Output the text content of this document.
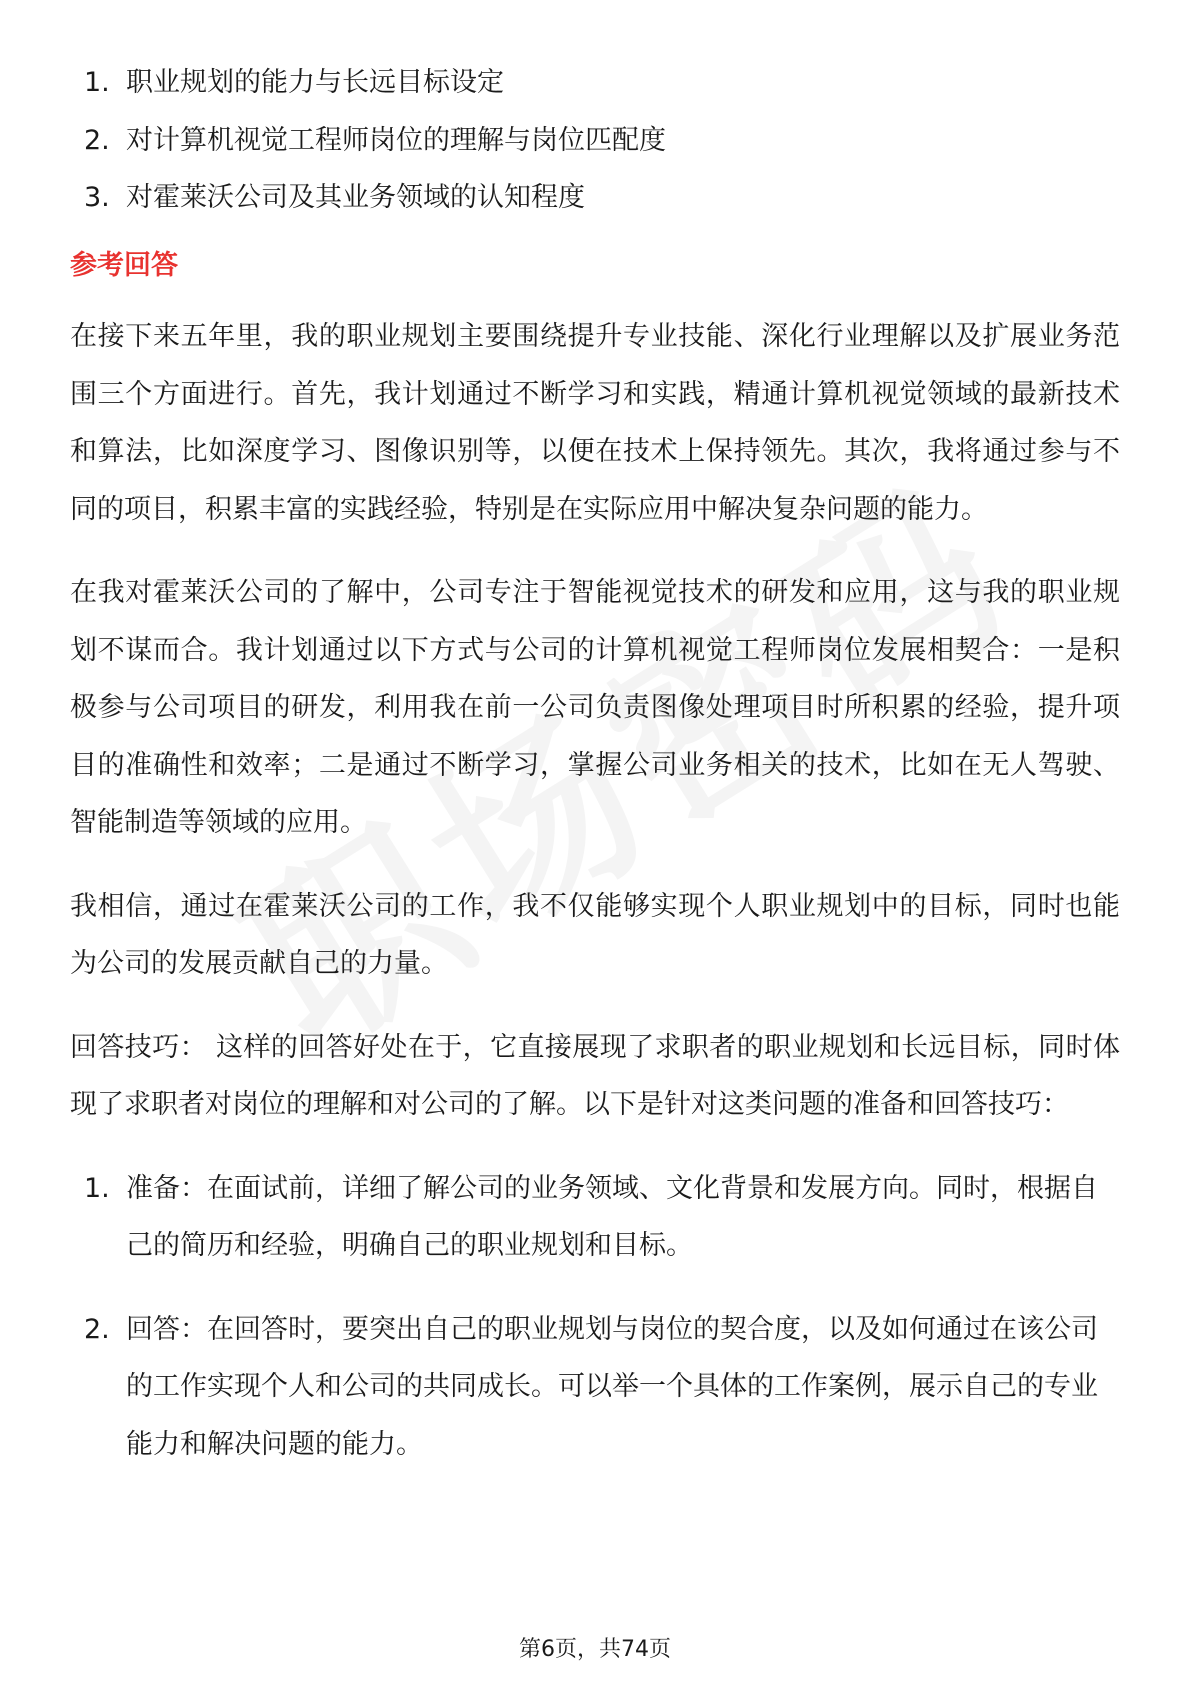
1. 职业规划的能力与长远目标设定
2. 对计算机视觉工程师岗位的理解与岗位匹配度
3. 对霍莱沃公司及其业务领域的认知程度
参考回答

在接下来五年里，我的职业规划主要围绕提升专业技能、深化行业理解以及扩展业务范围三个方面进行。首先，我计划通过不断学习和实践，精通计算机视觉领域的最新技术和算法，比如深度学习、图像识别等，以便在技术上保持领先。其次，我将通过参与不同的项目，积累丰富的实践经验，特别是在实际应用中解决复杂问题的能力。

在我对霍莱沃公司的了解中，公司专注于智能视觉技术的研发和应用，这与我的职业规划不谋而合。我计划通过以下方式与公司的计算机视觉工程师岗位发展相契合：一是积极参与公司项目的研发，利用我在前一公司负责图像处理项目时所积累的经验，提升项目的准确性和效率；二是通过不断学习，掌握公司业务相关的技术，比如在无人驾驶、智能制造等领域的应用。

我相信，通过在霍莱沃公司的工作，我不仅能够实现个人职业规划中的目标，同时也能为公司的发展贡献自己的力量。

回答技巧： 这样的回答好处在于，它直接展现了求职者的职业规划和长远目标，同时体现了求职者对岗位的理解和对公司的了解。以下是针对这类问题的准备和回答技巧：

1. 准备：在面试前，详细了解公司的业务领域、文化背景和发展方向。同时，根据自己的简历和经验，明确自己的职业规划和目标。
2. 回答：在回答时，要突出自己的职业规划与岗位的契合度，以及如何通过在该公司的工作实现个人和公司的共同成长。可以举一个具体的工作案例，展示自己的专业能力和解决问题的能力。
第6页，共74页
